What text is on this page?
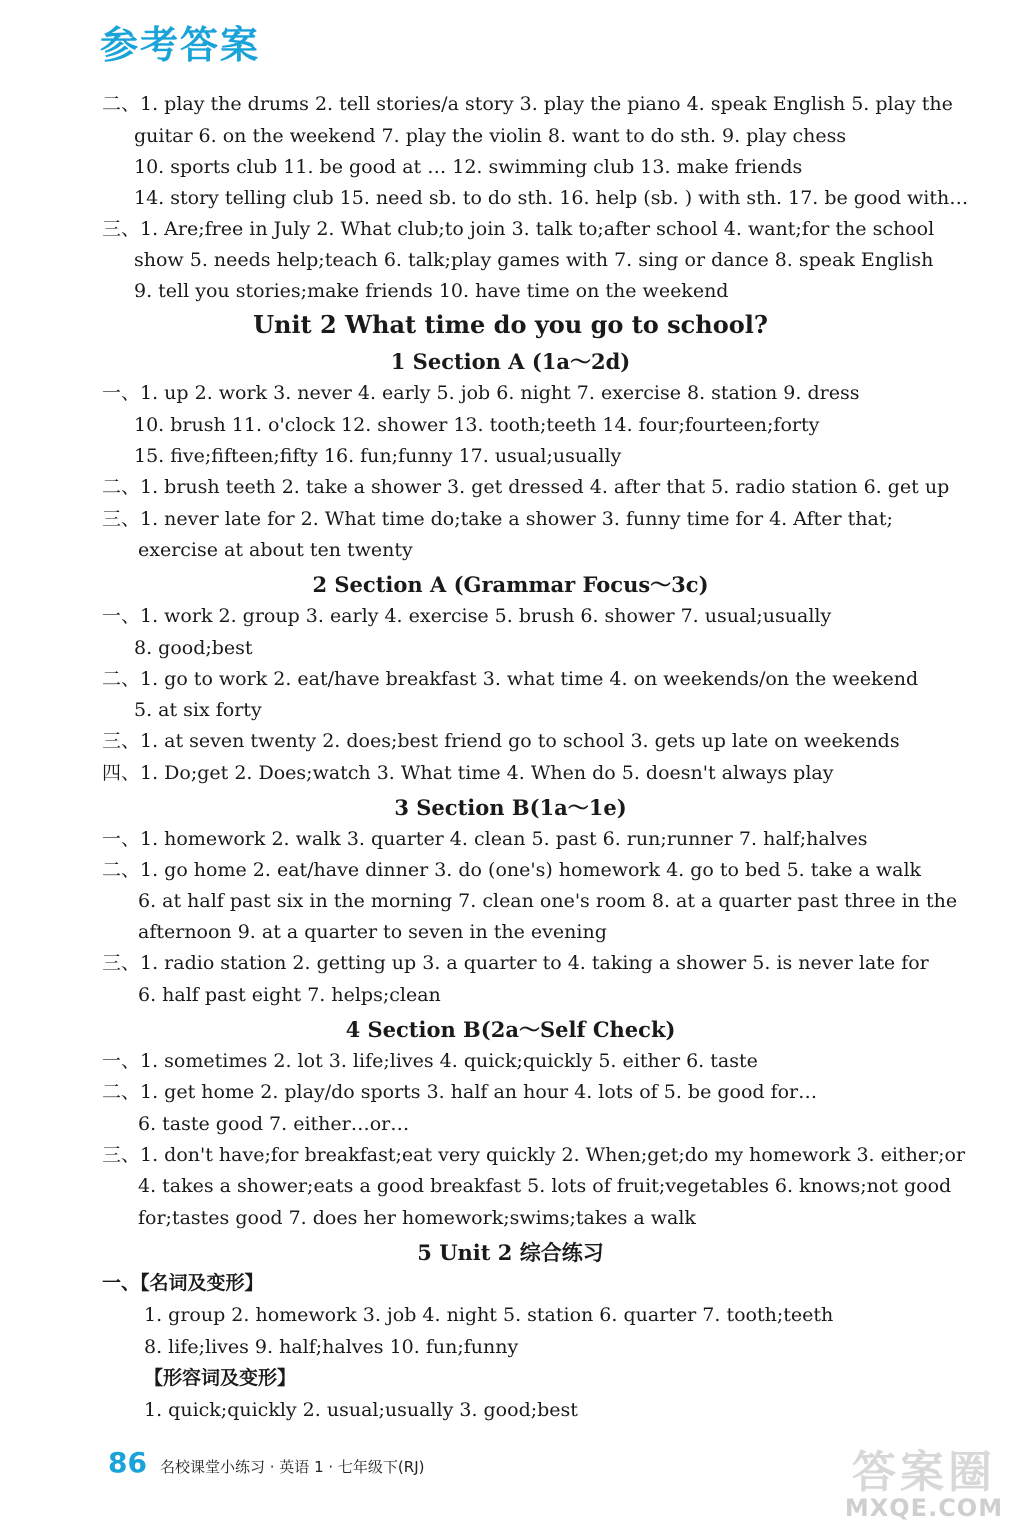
参考答案
二、1. play the drums 2. tell stories/a story 3. play the piano 4. speak English 5. play the
guitar 6. on the weekend 7. play the violin 8. want to do sth. 9. play chess
10. sports club 11. be good at … 12. swimming club 13. make friends
14. story telling club 15. need sb. to do sth. 16. help (sb. ) with sth. 17. be good with…
三、1. Are;free in July 2. What club;to join 3. talk to;after school 4. want;for the school
show 5. needs help;teach 6. talk;play games with 7. sing or dance 8. speak English
9. tell you stories;make friends 10. have time on the weekend
Unit 2 What time do you go to school?
1 Section A (1a～2d)
一、1. up 2. work 3. never 4. early 5. job 6. night 7. exercise 8. station 9. dress
10. brush 11. o'clock 12. shower 13. tooth;teeth 14. four;fourteen;forty
15. five;fifteen;fifty 16. fun;funny 17. usual;usually
二、1. brush teeth 2. take a shower 3. get dressed 4. after that 5. radio station 6. get up
三、1. never late for 2. What time do;take a shower 3. funny time for 4. After that;
exercise at about ten twenty
2 Section A (Grammar Focus～3c)
一、1. work 2. group 3. early 4. exercise 5. brush 6. shower 7. usual;usually
8. good;best
二、1. go to work 2. eat/have breakfast 3. what time 4. on weekends/on the weekend
5. at six forty
三、1. at seven twenty 2. does;best friend go to school 3. gets up late on weekends
四、1. Do;get 2. Does;watch 3. What time 4. When do 5. doesn't always play
3 Section B(1a～1e)
一、1. homework 2. walk 3. quarter 4. clean 5. past 6. run;runner 7. half;halves
二、1. go home 2. eat/have dinner 3. do (one's) homework 4. go to bed 5. take a walk
6. at half past six in the morning 7. clean one's room 8. at a quarter past three in the
afternoon 9. at a quarter to seven in the evening
三、1. radio station 2. getting up 3. a quarter to 4. taking a shower 5. is never late for
6. half past eight 7. helps;clean
4 Section B(2a～Self Check)
一、1. sometimes 2. lot 3. life;lives 4. quick;quickly 5. either 6. taste
二、1. get home 2. play/do sports 3. half an hour 4. lots of 5. be good for…
6. taste good 7. either…or…
三、1. don't have;for breakfast;eat very quickly 2. When;get;do my homework 3. either;or
4. takes a shower;eats a good breakfast 5. lots of fruit;vegetables 6. knows;not good
for;tastes good 7. does her homework;swims;takes a walk
5 Unit 2 综合练习
一、【名词及变形】
1. group 2. homework 3. job 4. night 5. station 6. quarter 7. tooth;teeth
8. life;lives 9. half;halves 10. fun;funny
【形容词及变形】
1. quick;quickly 2. usual;usually 3. good;best
86 名校课堂小练习 · 英语 1 · 七年级下(RJ)	答案圈
MXQE.COM
